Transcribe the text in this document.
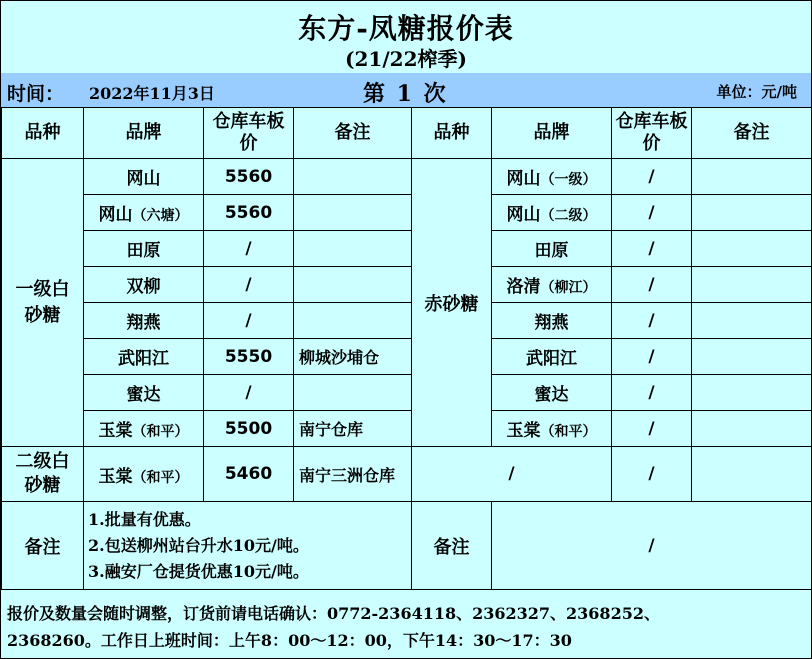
东方-凤糖报价表
(21/22榨季)
时间： 2022年11月3日	第 1 次	单位：元/吨
品种	品牌	仓库车板价	备注	品种	品牌	仓库车板价	备注
一级白砂糖	网山	5560		赤砂糖	网山（一级）	/	
	网山（六塘）	5560			网山（二级）	/	
	田原	/			田原	/	
	双柳	/			洛清（柳江）	/	
	翔燕	/			翔燕	/	
	武阳江	5550	柳城沙埔仓		武阳江	/	
	蜜达	/			蜜达	/	
	玉棠（和平）	5500	南宁仓库		玉棠（和平）	/	
二级白砂糖	玉棠（和平）	5460	南宁三洲仓库	/		/	
备注	1.批量有优惠。
2.包送柳州站台升水10元/吨。
3.融安厂仓提货优惠10元/吨。			备注	/		
报价及数量会随时调整，订货前请电话确认：0772-2364118、2362327、2368252、
2368260。工作日上班时间：上午8：00～12：00，下午14：30～17：30
